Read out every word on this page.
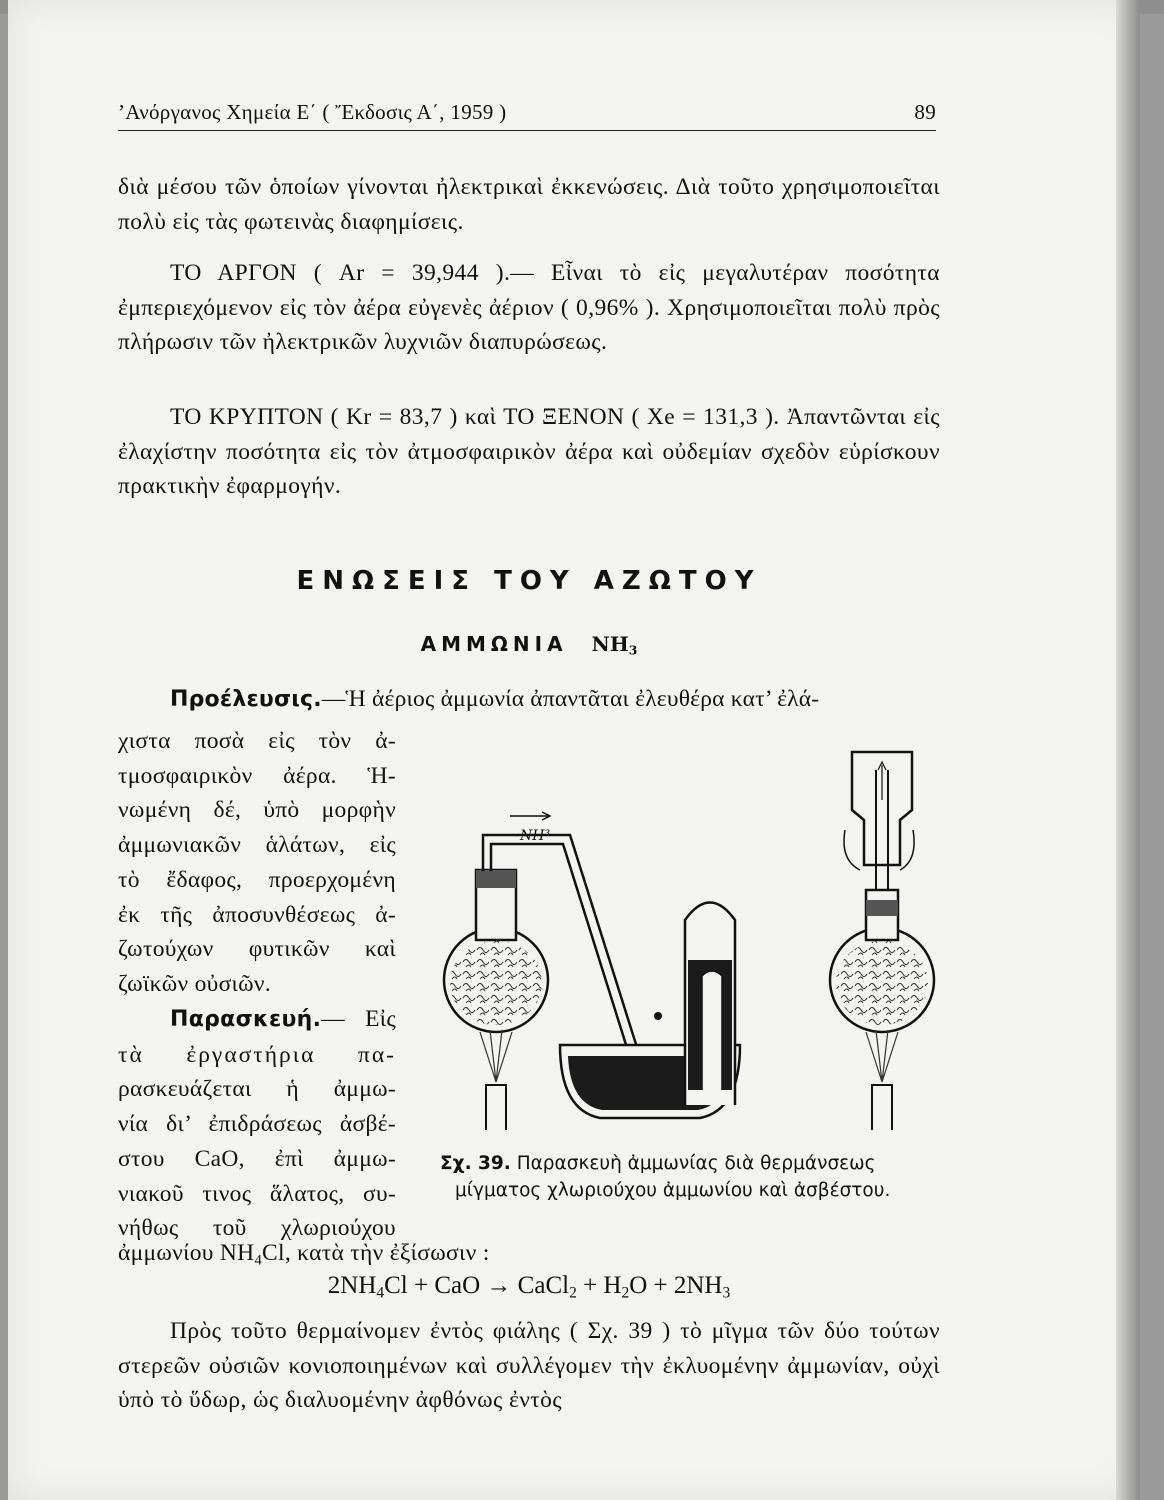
’Ανόργανος Χημεία Ε΄ ( Ἔκδοσις Α΄, 1959 )	89
διὰ μέσου τῶν ὁποίων γίνονται ἠλεκτρικαὶ ἐκκενώσεις. Διὰ τοῦτο χρησιμοποιεῖται πολὺ εἰς τὰς φωτεινὰς διαφημίσεις.
ΤΟ ΑΡΓΟΝ ( Ar = 39,944 ).— Εἶναι τὸ εἰς μεγαλυτέραν ποσότητα ἐμπεριεχόμενον εἰς τὸν ἀέρα εὐγενὲς ἀέριον ( 0,96% ). Χρησιμοποιεῖται πολὺ πρὸς πλήρωσιν τῶν ἠλεκτρικῶν λυχνιῶν διαπυρώσεως.
ΤΟ ΚΡΥΠΤΟΝ ( Kr = 83,7 ) καὶ ΤΟ ΞΕΝΟΝ ( Xe = 131,3 ). Ἀπαντῶνται εἰς ἐλαχίστην ποσότητα εἰς τὸν ἀτμοσφαιρικὸν ἀέρα καὶ οὐδεμίαν σχεδὸν εὑρίσκουν πρακτικὴν ἐφαρμογήν.
ΕΝΩΣΕΙΣ ΤΟΥ ΑΖΩΤΟΥ
ΑΜΜΩΝΙΑ $NH_3$
Προέλευσις.—Ἡ ἀέριος ἀμμωνία ἀπαντᾶται ἐλευθέρα κατ’ ἐλά-
χιστα ποσὰ εἰς τὸν ἀ-
τμοσφαιρικὸν ἀέρα. Ἡ-
νωμένη δέ, ὑπὸ μορφὴν
ἀμμωνιακῶν ἁλάτων, εἰς
τὸ ἔδαφος, προερχομένη
ἐκ τῆς ἀποσυνθέσεως ἀ-
ζωτούχων φυτικῶν καὶ
ζωϊκῶν οὐσιῶν.
Παρασκευή.— Εἰς
τὰ ἐργαστήρια πα-
ρασκευάζεται ἡ ἀμμω-
νία δι’ ἐπιδράσεως ἀσβέ-
στου CaO, ἐπὶ ἀμμω-
νιακοῦ τινος ἅλατος, συ-
νήθως τοῦ χλωριούχου
ἀμμωνίου $NH_4Cl$, κατὰ τὴν ἐξίσωσιν :
$2NH_4Cl$ + CaO → CaCl$_2$ + $H_2O + 2NH_3$
Πρὸς τοῦτο θερμαίνομεν ἐντὸς φιάλης ( Σχ. 39 ) τὸ μῖγμα τῶν δύο τούτων στερεῶν οὐσιῶν κονιοποιημένων καὶ συλλέγομεν τὴν ἐκλυομένην ἀμμωνίαν, οὐχὶ ὑπὸ τὸ ὕδωρ, ὡς διαλυομένην ἀφθόνως ἐντὸς
NH³
Σχ. 39. Παρασκευὴ ἀμμωνίας διὰ θερμάνσεως
μίγματος χλωριούχου ἀμμωνίου καὶ ἀσβέστου.
